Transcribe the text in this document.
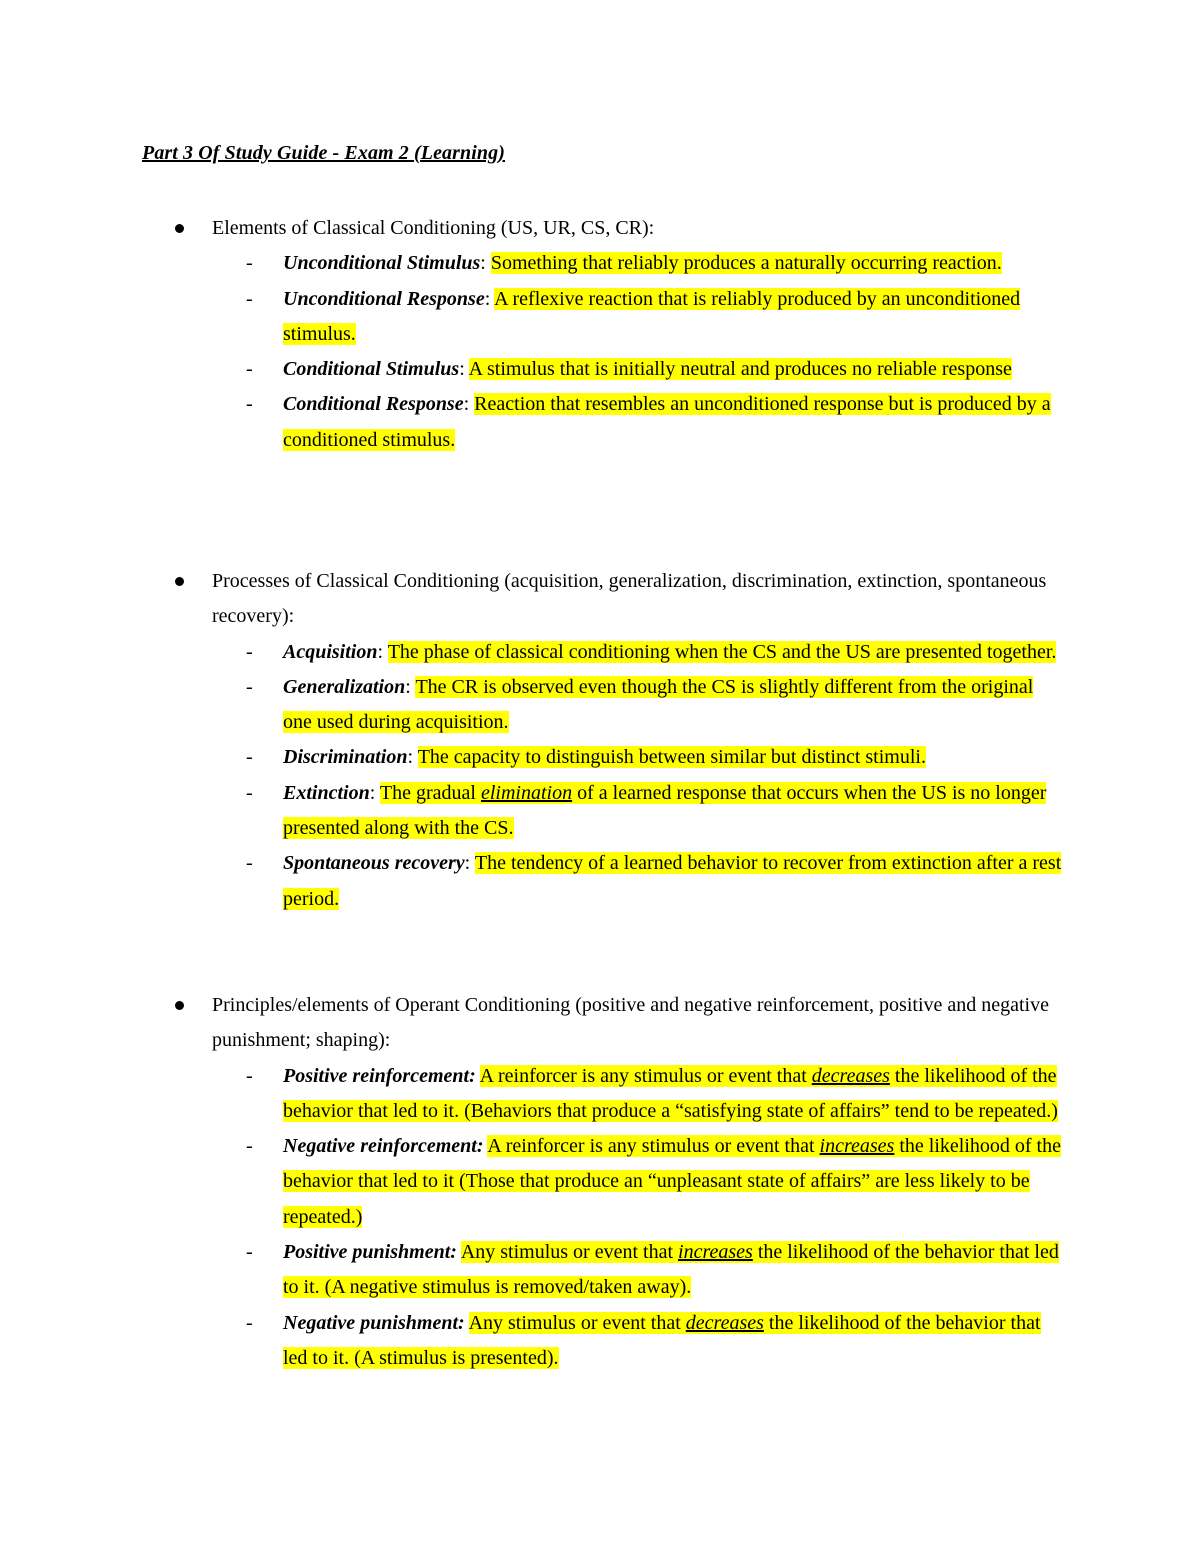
Part 3 Of Study Guide - Exam 2 (Learning)
Elements of Classical Conditioning (US, UR, CS, CR):
- Unconditional Stimulus: Something that reliably produces a naturally occurring reaction.
- Unconditional Response: A reflexive reaction that is reliably produced by an unconditioned stimulus.
- Conditional Stimulus: A stimulus that is initially neutral and produces no reliable response
- Conditional Response: Reaction that resembles an unconditioned response but is produced by a conditioned stimulus.
Processes of Classical Conditioning (acquisition, generalization, discrimination, extinction, spontaneous recovery):
- Acquisition: The phase of classical conditioning when the CS and the US are presented together.
- Generalization: The CR is observed even though the CS is slightly different from the original one used during acquisition.
- Discrimination: The capacity to distinguish between similar but distinct stimuli.
- Extinction: The gradual elimination of a learned response that occurs when the US is no longer presented along with the CS.
- Spontaneous recovery: The tendency of a learned behavior to recover from extinction after a rest period.
Principles/elements of Operant Conditioning (positive and negative reinforcement, positive and negative punishment; shaping):
- Positive reinforcement: A reinforcer is any stimulus or event that decreases the likelihood of the behavior that led to it. (Behaviors that produce a “satisfying state of affairs” tend to be repeated.)
- Negative reinforcement: A reinforcer is any stimulus or event that increases the likelihood of the behavior that led to it (Those that produce an “unpleasant state of affairs” are less likely to be repeated.)
- Positive punishment: Any stimulus or event that increases the likelihood of the behavior that led to it. (A negative stimulus is removed/taken away).
- Negative punishment: Any stimulus or event that decreases the likelihood of the behavior that led to it. (A stimulus is presented).
